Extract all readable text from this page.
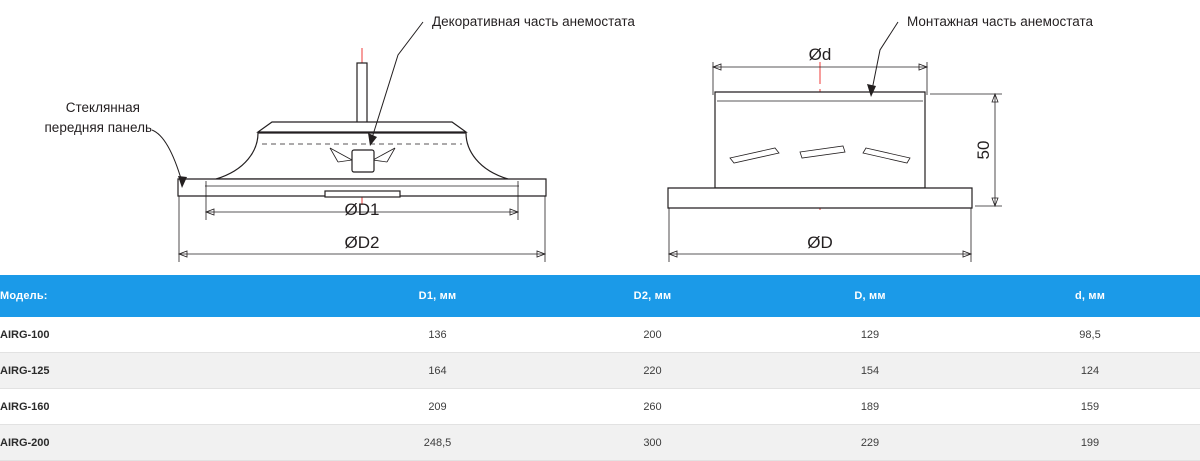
ØD1
ØD2
Стеклянная
передняя панель
Декоративная часть анемостата
Ød
50
ØD
Монтажная часть анемостата
Модель:	D1, мм	D2, мм	D, мм	d, мм
AIRG-100	136	200	129	98,5
AIRG-125	164	220	154	124
AIRG-160	209	260	189	159
AIRG-200	248,5	300	229	199
